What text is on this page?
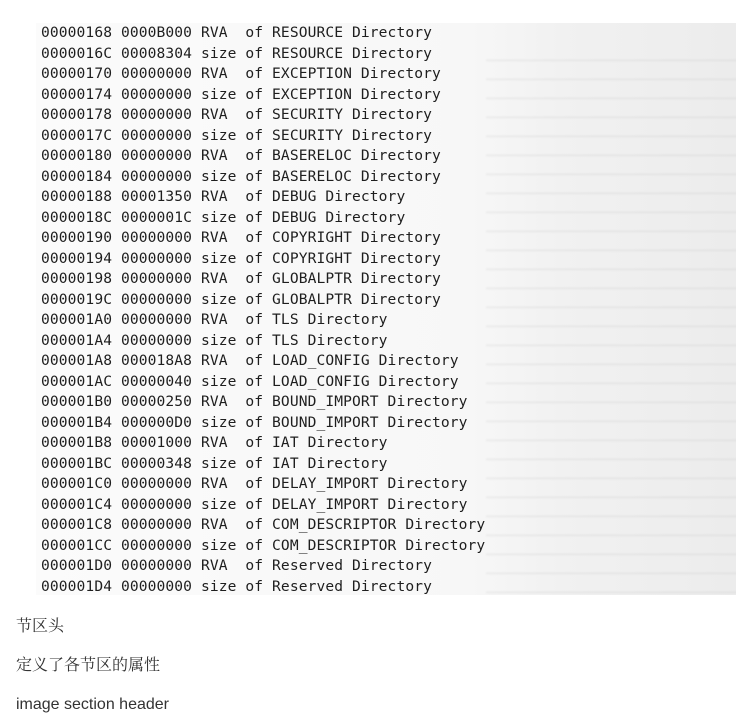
00000168 0000B000 RVA  of RESOURCE Directory
0000016C 00008304 size of RESOURCE Directory
00000170 00000000 RVA  of EXCEPTION Directory
00000174 00000000 size of EXCEPTION Directory
00000178 00000000 RVA  of SECURITY Directory
0000017C 00000000 size of SECURITY Directory
00000180 00000000 RVA  of BASERELOC Directory
00000184 00000000 size of BASERELOC Directory
00000188 00001350 RVA  of DEBUG Directory
0000018C 0000001C size of DEBUG Directory
00000190 00000000 RVA  of COPYRIGHT Directory
00000194 00000000 size of COPYRIGHT Directory
00000198 00000000 RVA  of GLOBALPTR Directory
0000019C 00000000 size of GLOBALPTR Directory
000001A0 00000000 RVA  of TLS Directory
000001A4 00000000 size of TLS Directory
000001A8 000018A8 RVA  of LOAD_CONFIG Directory
000001AC 00000040 size of LOAD_CONFIG Directory
000001B0 00000250 RVA  of BOUND_IMPORT Directory
000001B4 000000D0 size of BOUND_IMPORT Directory
000001B8 00001000 RVA  of IAT Directory
000001BC 00000348 size of IAT Directory
000001C0 00000000 RVA  of DELAY_IMPORT Directory
000001C4 00000000 size of DELAY_IMPORT Directory
000001C8 00000000 RVA  of COM_DESCRIPTOR Directory
000001CC 00000000 size of COM_DESCRIPTOR Directory
000001D0 00000000 RVA  of Reserved Directory
000001D4 00000000 size of Reserved Directory
节区头
定义了各节区的属性
image section header
